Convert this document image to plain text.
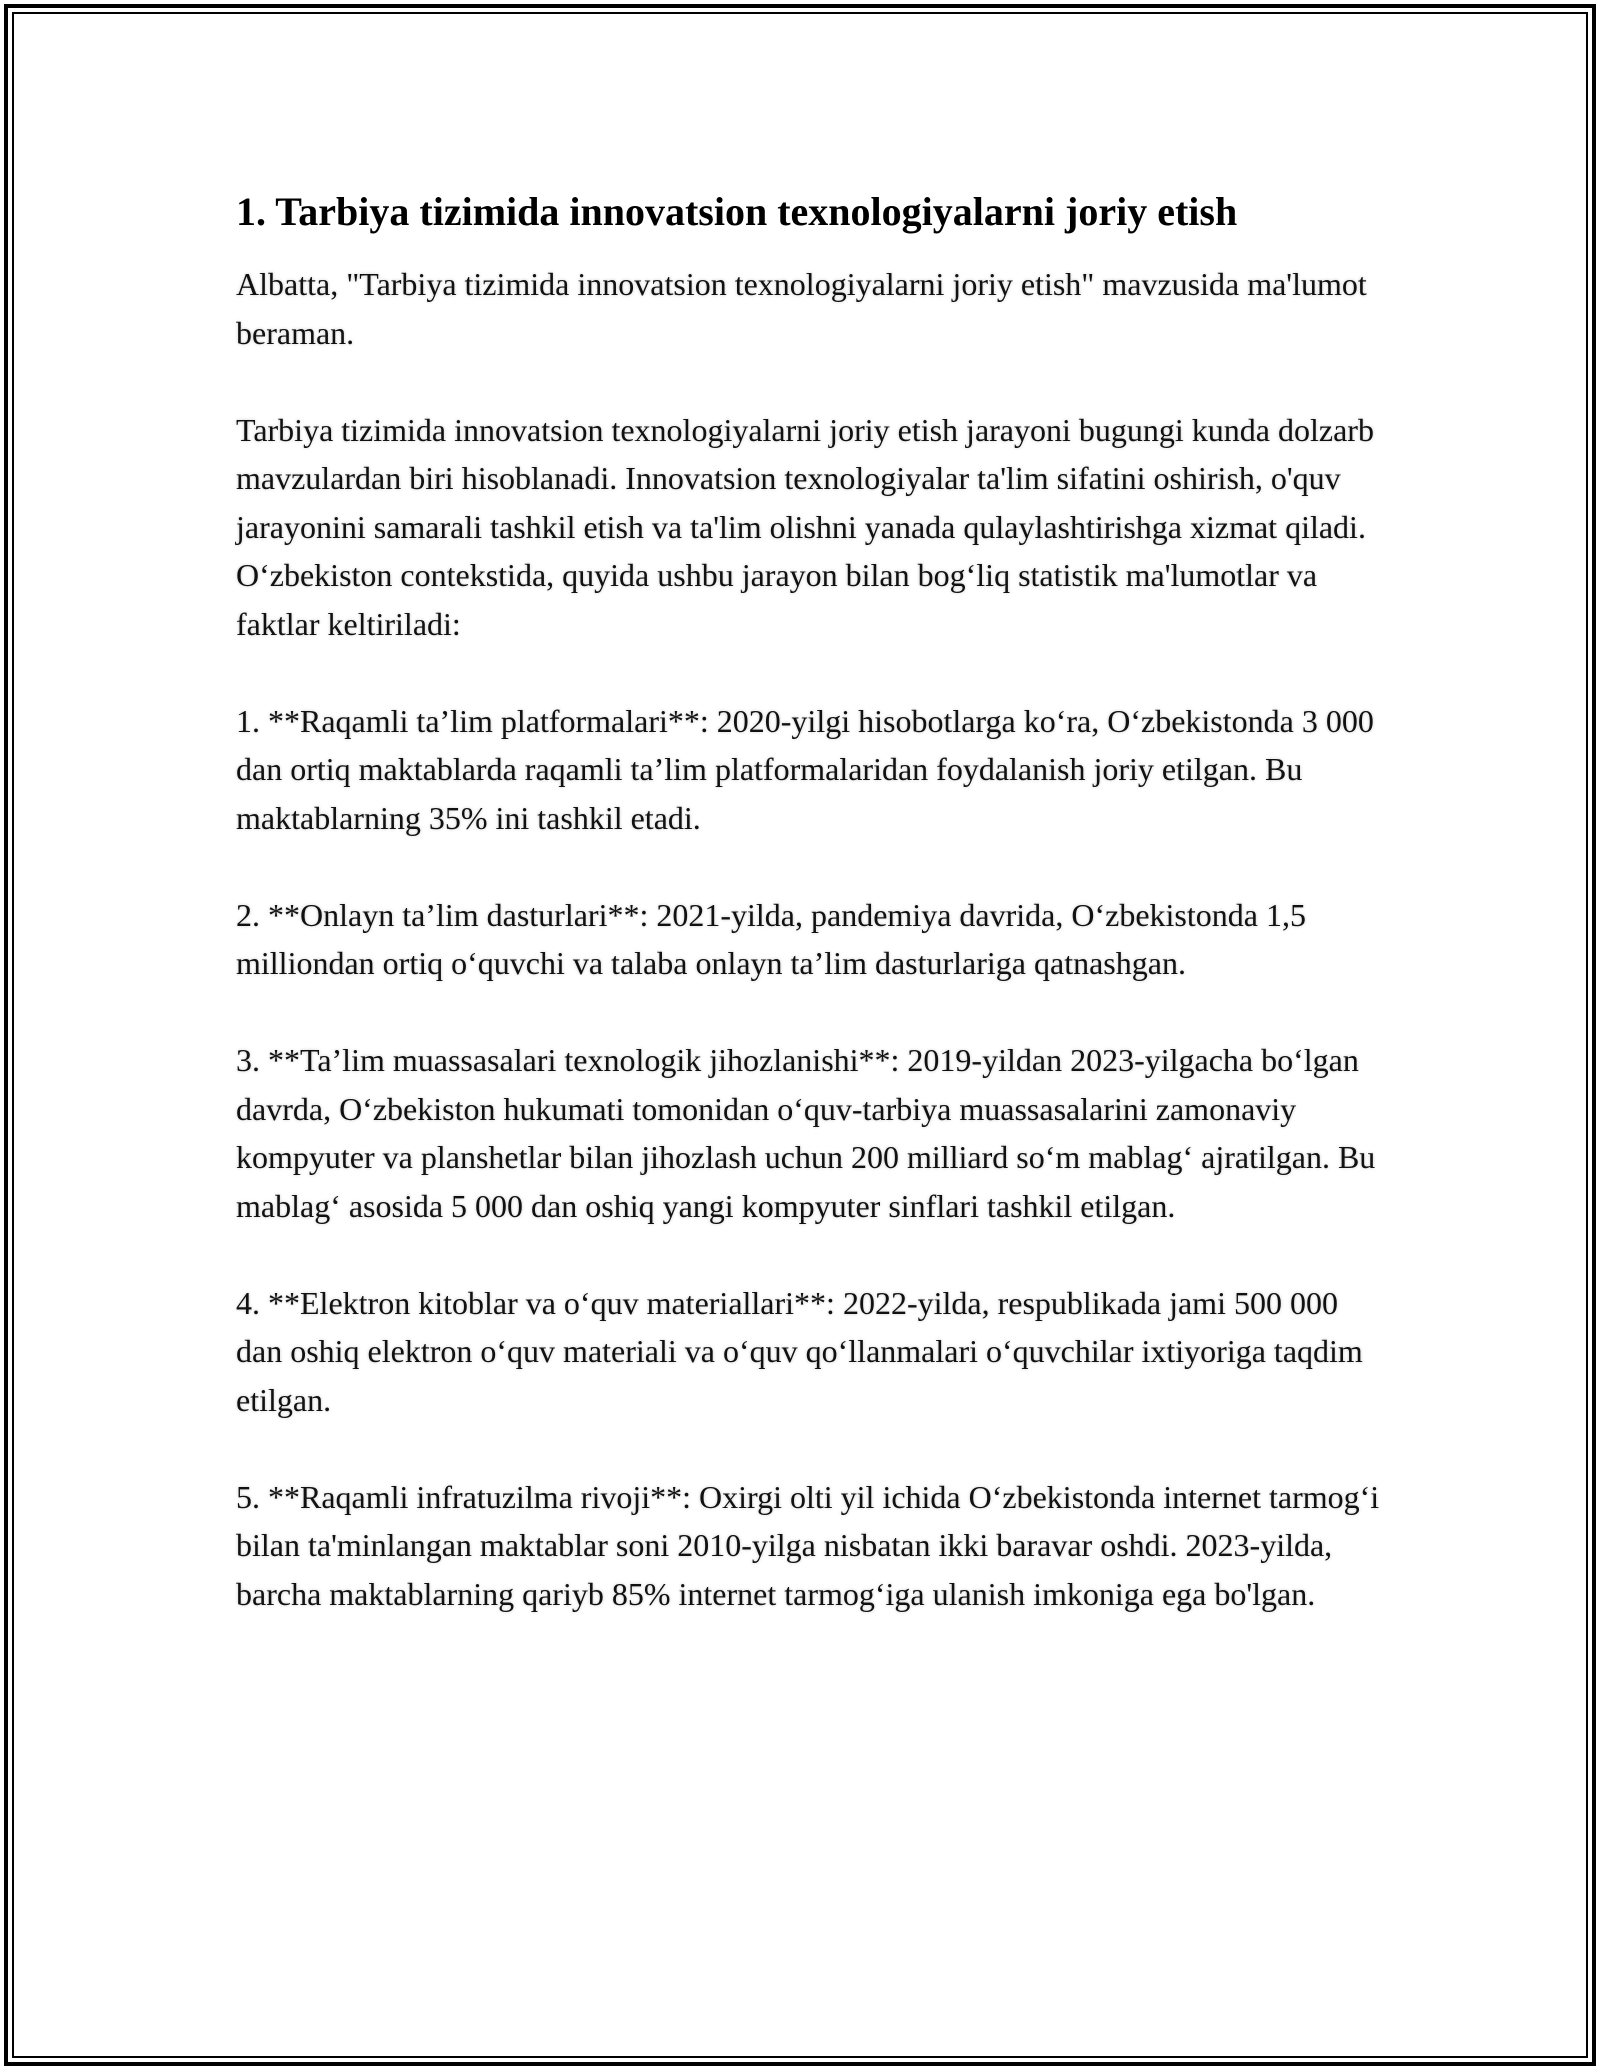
1. Tarbiya tizimida innovatsion texnologiyalarni joriy etish

Albatta, "Tarbiya tizimida innovatsion texnologiyalarni joriy etish" mavzusida ma'lumot beraman.

Tarbiya tizimida innovatsion texnologiyalarni joriy etish jarayoni bugungi kunda dolzarb mavzulardan biri hisoblanadi. Innovatsion texnologiyalar ta'lim sifatini oshirish, o'quv jarayonini samarali tashkil etish va ta'lim olishni yanada qulaylashtirishga xizmat qiladi. O‘zbekiston contekstida, quyida ushbu jarayon bilan bog‘liq statistik ma'lumotlar va faktlar keltiriladi:

1. **Raqamli ta’lim platformalari**: 2020-yilgi hisobotlarga ko‘ra, O‘zbekistonda 3 000 dan ortiq maktablarda raqamli ta’lim platformalaridan foydalanish joriy etilgan. Bu maktablarning 35% ini tashkil etadi.

2. **Onlayn ta’lim dasturlari**: 2021-yilda, pandemiya davrida, O‘zbekistonda 1,5 milliondan ortiq o‘quvchi va talaba onlayn ta’lim dasturlariga qatnashgan.

3. **Ta’lim muassasalari texnologik jihozlanishi**: 2019-yildan 2023-yilgacha bo‘lgan davrda, O‘zbekiston hukumati tomonidan o‘quv-tarbiya muassasalarini zamonaviy kompyuter va planshetlar bilan jihozlash uchun 200 milliard so‘m mablag‘ ajratilgan. Bu mablag‘ asosida 5 000 dan oshiq yangi kompyuter sinflari tashkil etilgan.

4. **Elektron kitoblar va o‘quv materiallari**: 2022-yilda, respublikada jami 500 000 dan oshiq elektron o‘quv materiali va o‘quv qo‘llanmalari o‘quvchilar ixtiyoriga taqdim etilgan.

5. **Raqamli infratuzilma rivoji**: Oxirgi olti yil ichida O‘zbekistonda internet tarmog‘i bilan ta'minlangan maktablar soni 2010-yilga nisbatan ikki baravar oshdi. 2023-yilda, barcha maktablarning qariyb 85% internet tarmog‘iga ulanish imkoniga ega bo'lgan.
